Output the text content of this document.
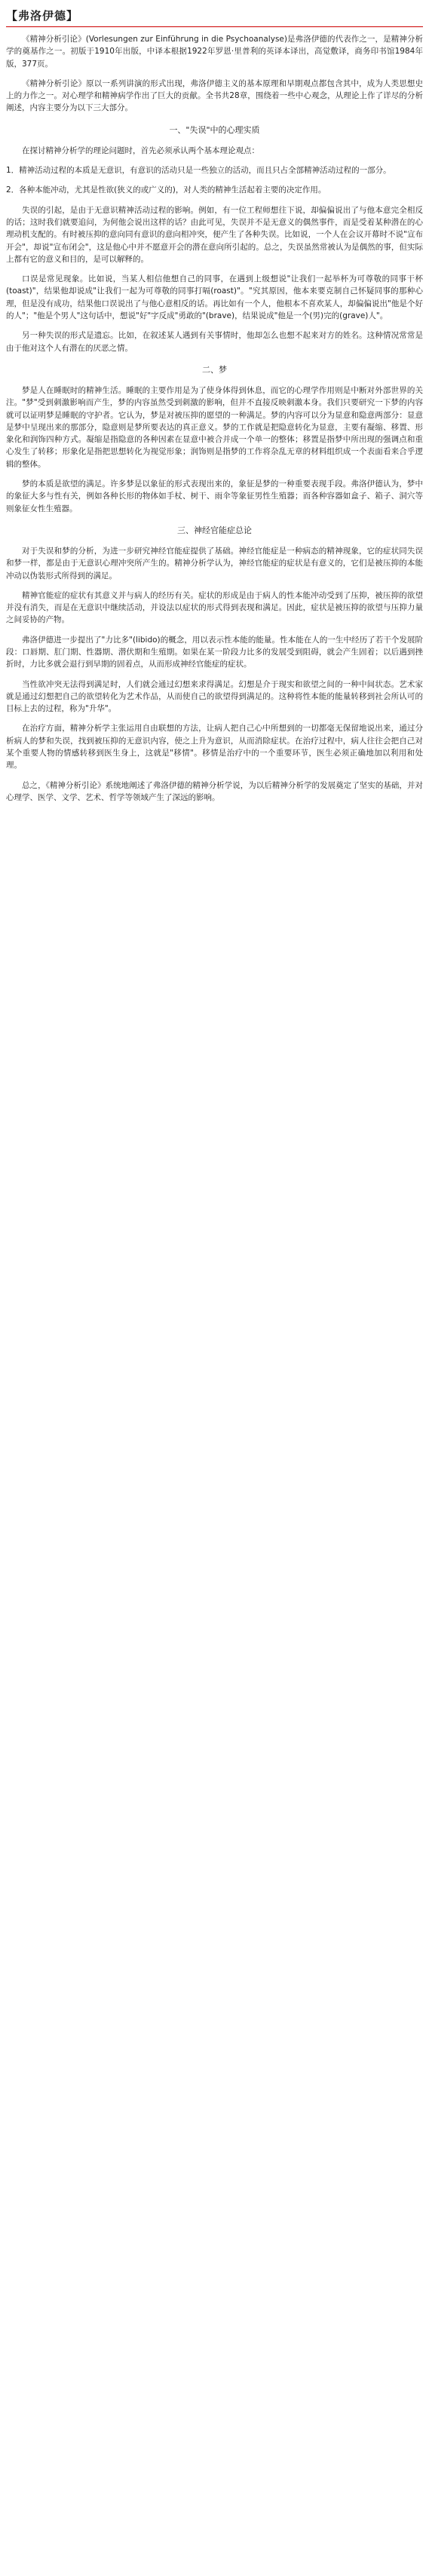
【弗洛伊德】

《精神分析引论》(Vorlesungen zur Einführung in die Psychoanalyse)是弗洛伊德的代表作之一，是精神分析学的奠基作之一。初版于1910年出版，中译本根据1922年罗恩·里普利的英译本译出，高觉敷译，商务印书馆1984年版，377页。

《精神分析引论》原以一系列讲演的形式出现，弗洛伊德主义的基本原理和早期观点都包含其中，成为人类思想史上的力作之一。对心理学和精神病学作出了巨大的贡献。全书共28章，围绕着一些中心观念，从理论上作了详尽的分析阐述，内容主要分为以下三大部分。

一、"失误"中的心理实质

在探讨精神分析学的理论问题时，首先必须承认两个基本理论观点：

1．精神活动过程的本质是无意识，有意识的活动只是一些独立的活动，而且只占全部精神活动过程的一部分。

2．各种本能冲动，尤其是性欲(狭义的或广义的)，对人类的精神生活起着主要的决定作用。

失误的引起，是由于无意识精神活动过程的影响。例如，有一位工程师想往下说，却偏偏说出了与他本意完全相反的话；这时我们就要追问，为何他会说出这样的话？由此可见，失误并不是无意义的偶然事件，而是受着某种潜在的心理动机支配的。有时被压抑的意向同有意识的意向相冲突，便产生了各种失误。比如说，一个人在会议开幕时不说"宣布开会"，却说"宣布闭会"，这是他心中并不愿意开会的潜在意向所引起的。总之，失误虽然常被认为是偶然的事，但实际上都有它的意义和目的，是可以解释的。

口误是常见现象。比如说，当某人相信他想自己的同事，在遇到上级想说"让我们一起举杯为可尊敬的同事干杯(toast)"，结果他却说成"让我们一起为可尊敬的同事打嗝(roast)"。"究其原因，他本来要克制自己怀疑同事的那种心理，但是没有成功，结果他口误说出了与他心意相反的话。再比如有一个人，他根本不喜欢某人，却偏偏说出"他是个好的人"；"他是个男人"这句话中，想说"好"字反成"勇敢的"(brave)，结果说成"他是一个(男)完的(grave)人"。

另一种失误的形式是遗忘。比如，在叙述某人遇到有关事情时，他却怎么也想不起来对方的姓名。这种情况常常是由于他对这个人有潜在的厌恶之情。

二、梦

梦是人在睡眠时的精神生活。睡眠的主要作用是为了使身体得到休息，而它的心理学作用则是中断对外部世界的关注。"梦"受到刺激影响而产生，梦的内容虽然受到刺激的影响，但并不直接反映刺激本身。我们只要研究一下梦的内容就可以证明梦是睡眠的守护者。它认为，梦是对被压抑的愿望的一种满足。梦的内容可以分为显意和隐意两部分：显意是梦中呈现出来的那部分，隐意则是梦所要表达的真正意义。梦的工作就是把隐意转化为显意，主要有凝缩、移置、形象化和润饰四种方式。凝缩是指隐意的各种因素在显意中被合并成一个单一的整体；移置是指梦中所出现的强调点和重心发生了转移；形象化是指把思想转化为视觉形象；润饰则是指梦的工作将杂乱无章的材料组织成一个表面看来合乎逻辑的整体。

梦的本质是欲望的满足。许多梦是以象征的形式表现出来的，象征是梦的一种重要表现手段。弗洛伊德认为，梦中的象征大多与性有关，例如各种长形的物体如手杖、树干、雨伞等象征男性生殖器；而各种容器如盒子、箱子、洞穴等则象征女性生殖器。

三、神经官能症总论

对于失误和梦的分析，为进一步研究神经官能症提供了基础。神经官能症是一种病态的精神现象，它的症状同失误和梦一样，都是由于无意识心理冲突所产生的。精神分析学认为，神经官能症的症状是有意义的，它们是被压抑的本能冲动以伪装形式所得到的满足。

精神官能症的症状有其意义并与病人的经历有关。症状的形成是由于病人的性本能冲动受到了压抑，被压抑的欲望并没有消失，而是在无意识中继续活动，并设法以症状的形式得到表现和满足。因此，症状是被压抑的欲望与压抑力量之间妥协的产物。

弗洛伊德进一步提出了"力比多"(libido)的概念，用以表示性本能的能量。性本能在人的一生中经历了若干个发展阶段：口唇期、肛门期、性器期、潜伏期和生殖期。如果在某一阶段力比多的发展受到阻碍，就会产生固着；以后遇到挫折时，力比多就会退行到早期的固着点，从而形成神经官能症的症状。

当性欲冲突无法得到满足时，人们就会通过幻想来求得满足。幻想是介于现实和欲望之间的一种中间状态。艺术家就是通过幻想把自己的欲望转化为艺术作品，从而使自己的欲望得到满足的。这种将性本能的能量转移到社会所认可的目标上去的过程，称为"升华"。

在治疗方面，精神分析学主张运用自由联想的方法，让病人把自己心中所想到的一切都毫无保留地说出来，通过分析病人的梦和失误，找到被压抑的无意识内容，使之上升为意识，从而消除症状。在治疗过程中，病人往往会把自己对某个重要人物的情感转移到医生身上，这就是"移情"。移情是治疗中的一个重要环节，医生必须正确地加以利用和处理。

总之，《精神分析引论》系统地阐述了弗洛伊德的精神分析学说，为以后精神分析学的发展奠定了坚实的基础，并对心理学、医学、文学、艺术、哲学等领域产生了深远的影响。
